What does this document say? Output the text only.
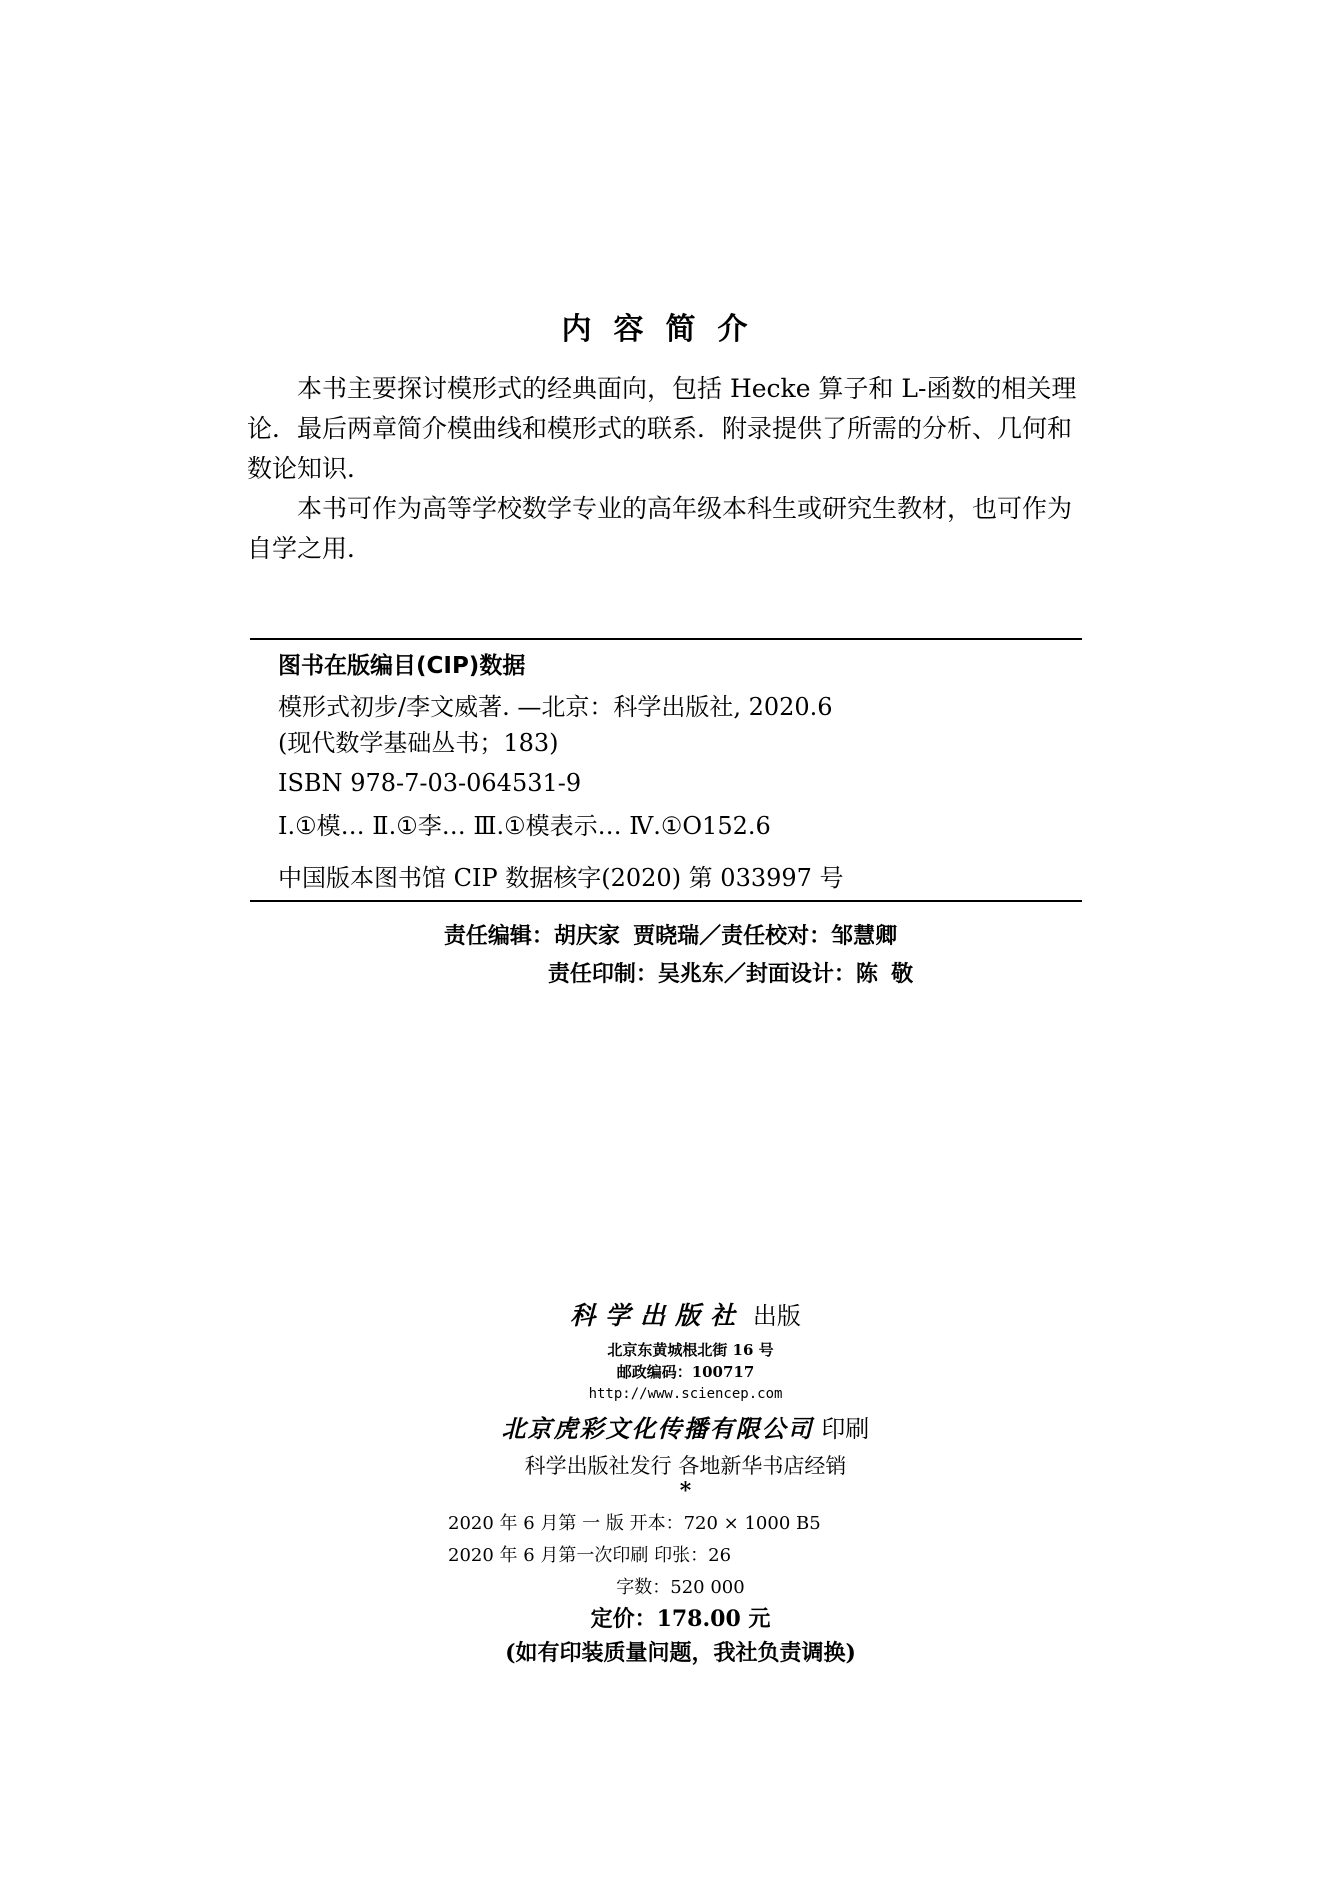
内容简介
本书主要探讨模形式的经典面向，包括 Hecke 算子和 L-函数的相关理论．最后两章简介模曲线和模形式的联系．附录提供了所需的分析、几何和数论知识．
本书可作为高等学校数学专业的高年级本科生或研究生教材，也可作为自学之用．
图书在版编目(CIP)数据
模形式初步/李文威著. —北京：科学出版社, 2020.6
(现代数学基础丛书；183)
ISBN 978-7-03-064531-9
Ⅰ.①模… Ⅱ.①李… Ⅲ.①模表示… Ⅳ.①O152.6
中国版本图书馆 CIP 数据核字(2020) 第 033997 号
责任编辑：胡庆家 贾晓瑞／责任校对：邹慧卿
责任印制：吴兆东／封面设计：陈 敬
科学出版社 出版
北京东黄城根北街 16 号
邮政编码：100717
http://www.sciencep.com
北京虎彩文化传播有限公司 印刷
科学出版社发行 各地新华书店经销
*
2020 年 6 月第 一 版 开本：720 × 1000 B5
2020 年 6 月第一次印刷 印张：26
字数：520 000
定价：178.00 元
(如有印装质量问题，我社负责调换)
